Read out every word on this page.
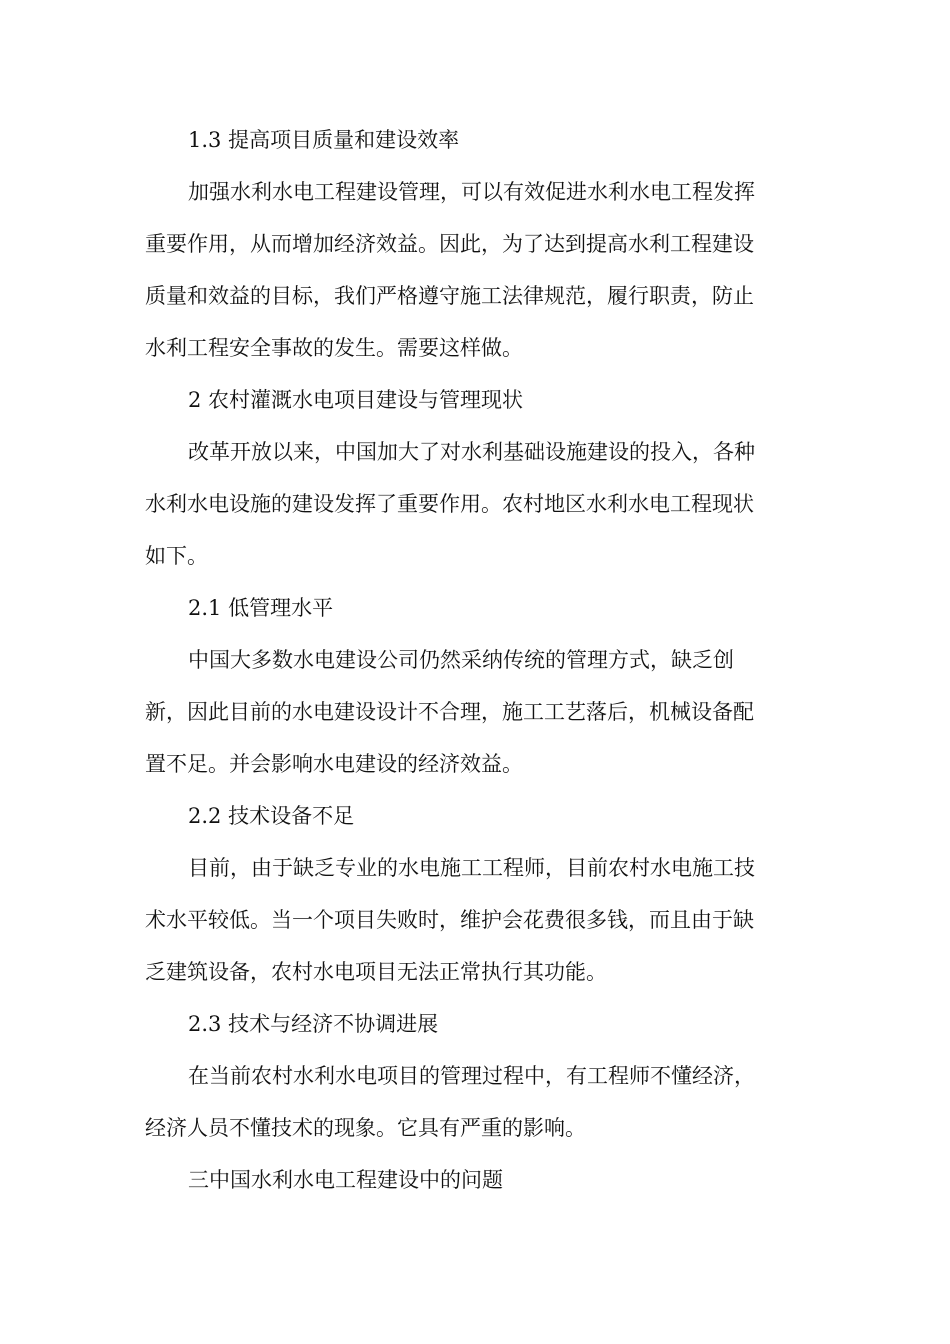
1.3 提高项目质量和建设效率
加强水利水电工程建设管理，可以有效促进水利水电工程发挥
重要作用，从而增加经济效益。因此，为了达到提高水利工程建设
质量和效益的目标，我们严格遵守施工法律规范，履行职责，防止
水利工程安全事故的发生。需要这样做。
2 农村灌溉水电项目建设与管理现状
改革开放以来，中国加大了对水利基础设施建设的投入，各种
水利水电设施的建设发挥了重要作用。农村地区水利水电工程现状
如下。
2.1 低管理水平
中国大多数水电建设公司仍然采纳传统的管理方式，缺乏创
新，因此目前的水电建设设计不合理，施工工艺落后，机械设备配
置不足。并会影响水电建设的经济效益。
2.2 技术设备不足
目前，由于缺乏专业的水电施工工程师，目前农村水电施工技
术水平较低。当一个项目失败时，维护会花费很多钱，而且由于缺
乏建筑设备，农村水电项目无法正常执行其功能。
2.3 技术与经济不协调进展
在当前农村水利水电项目的管理过程中，有工程师不懂经济，
经济人员不懂技术的现象。它具有严重的影响。
三中国水利水电工程建设中的问题
